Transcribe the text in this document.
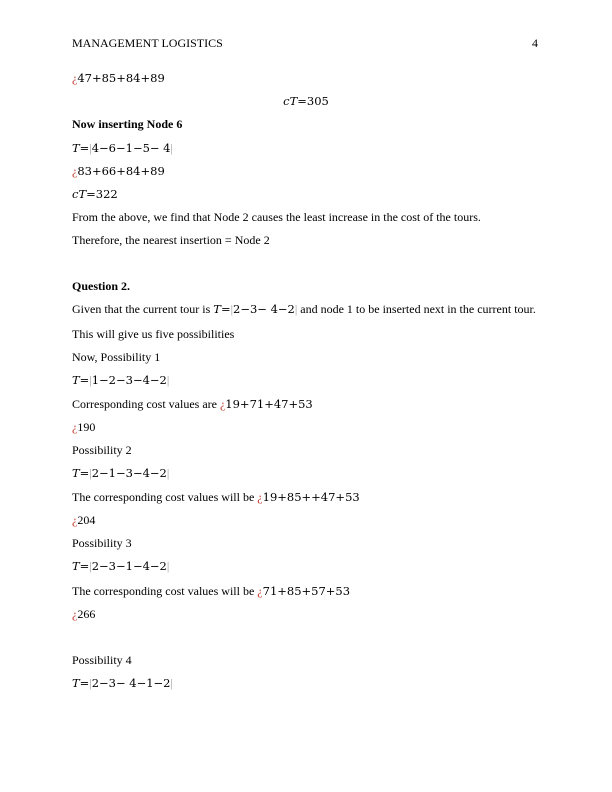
MANAGEMENT LOGISTICS	4
¿47+85+84+89
cT=305
Now inserting Node 6
T=|4−6−1−5− 4|
¿83+66+84+89
cT=322
From the above, we find that Node 2 causes the least increase in the cost of the tours.
Therefore, the nearest insertion = Node 2
Question 2.
Given that the current tour is T=|2−3− 4−2| and node 1 to be inserted next in the current tour.
This will give us five possibilities
Now, Possibility 1
T=|1−2−3−4−2|
Corresponding cost values are ¿19+71+47+53
¿190
Possibility 2
T=|2−1−3−4−2|
The corresponding cost values will be ¿19+85++47+53
¿204
Possibility 3
T=|2−3−1−4−2|
The corresponding cost values will be ¿71+85+57+53
¿266
Possibility 4
T=|2−3− 4−1−2|
